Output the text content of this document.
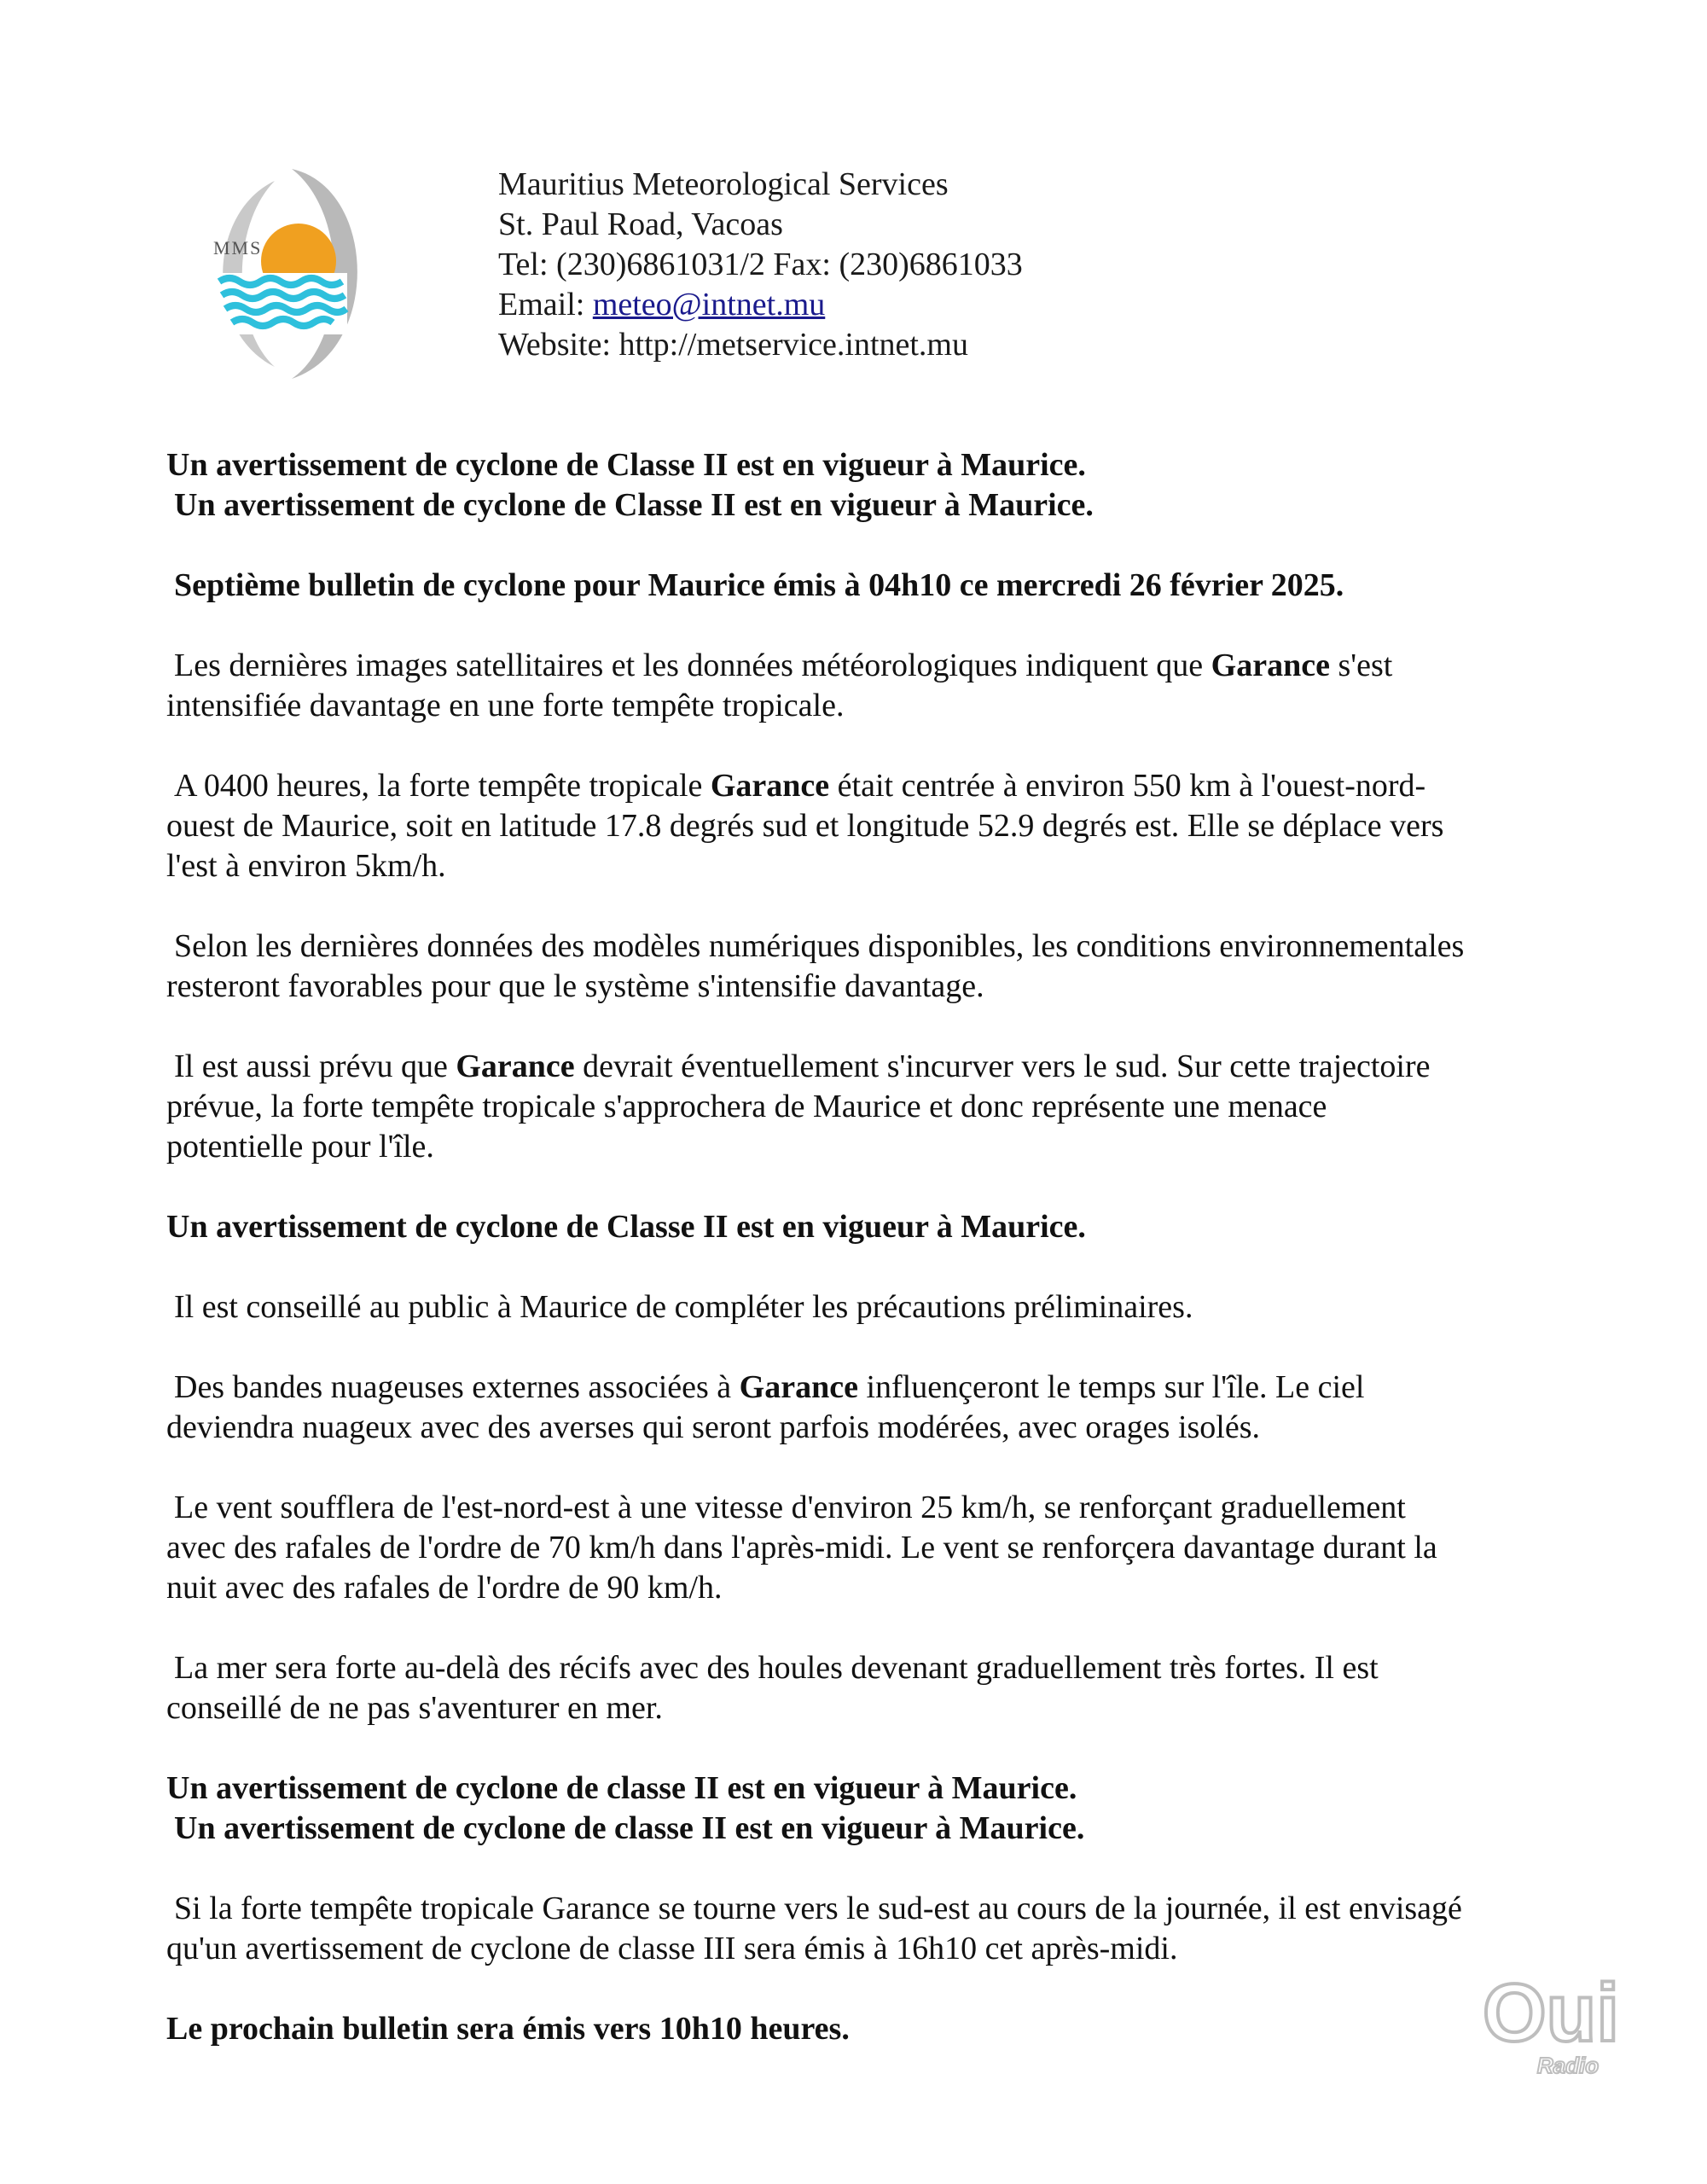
MMS
Mauritius Meteorological Services
St. Paul Road, Vacoas
Tel: (230)6861031/2 Fax: (230)6861033
Email: meteo@intnet.mu
Website: http://metservice.intnet.mu
Un avertissement de cyclone de Classe II est en vigueur à Maurice.
Un avertissement de cyclone de Classe II est en vigueur à Maurice.
Septième bulletin de cyclone pour Maurice émis à 04h10 ce mercredi 26 février 2025.
Les dernières images satellitaires et les données météorologiques indiquent que Garance s'est
intensifiée davantage en une forte tempête tropicale.
A 0400 heures, la forte tempête tropicale Garance était centrée à environ 550 km à l'ouest-nord-
ouest de Maurice, soit en latitude 17.8 degrés sud et longitude 52.9 degrés est. Elle se déplace vers
l'est à environ 5km/h.
Selon les dernières données des modèles numériques disponibles, les conditions environnementales
resteront favorables pour que le système s'intensifie davantage.
Il est aussi prévu que Garance devrait éventuellement s'incurver vers le sud. Sur cette trajectoire
prévue, la forte tempête tropicale s'approchera de Maurice et donc représente une menace
potentielle pour l'île.
Un avertissement de cyclone de Classe II est en vigueur à Maurice.
Il est conseillé au public à Maurice de compléter les précautions préliminaires.
Des bandes nuageuses externes associées à Garance influençeront le temps sur l'île. Le ciel
deviendra nuageux avec des averses qui seront parfois modérées, avec orages isolés.
Le vent soufflera de l'est-nord-est à une vitesse d'environ 25 km/h, se renforçant graduellement
avec des rafales de l'ordre de 70 km/h dans l'après-midi. Le vent se renforçera davantage durant la
nuit avec des rafales de l'ordre de 90 km/h.
La mer sera forte au-delà des récifs avec des houles devenant graduellement très fortes. Il est
conseillé de ne pas s'aventurer en mer.
Un avertissement de cyclone de classe II est en vigueur à Maurice.
Un avertissement de cyclone de classe II est en vigueur à Maurice.
Si la forte tempête tropicale Garance se tourne vers le sud-est au cours de la journée, il est envisagé
qu'un avertissement de cyclone de classe III sera émis à 16h10 cet après-midi.
Le prochain bulletin sera émis vers 10h10 heures.	Oui
Radio
